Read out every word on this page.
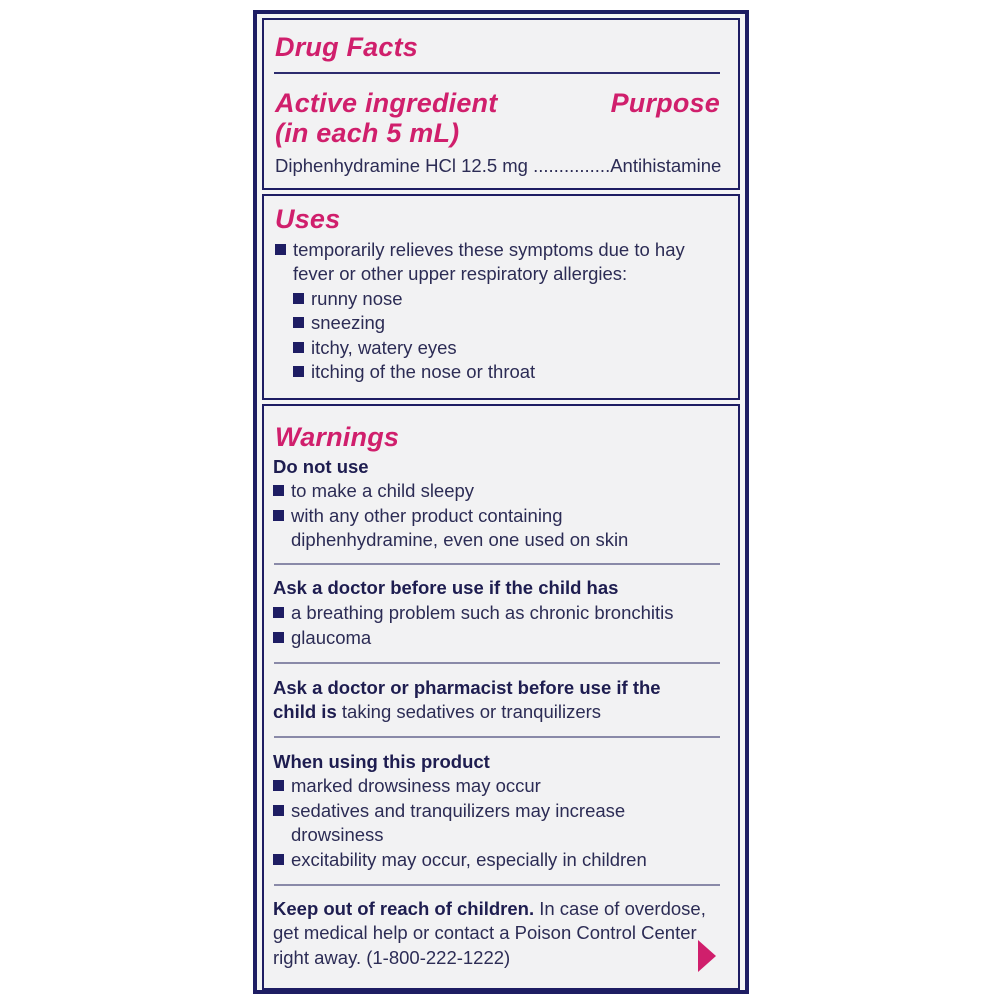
Drug Facts
Active ingredient	Purpose
(in each 5 mL)
Diphenhydramine HCl 12.5 mg ...............Antihistamine
Uses
temporarily relieves these symptoms due to hay
fever or other upper respiratory allergies:
runny nose
sneezing
itchy, watery eyes
itching of the nose or throat
Warnings
Do not use
to make a child sleepy
with any other product containing
diphenhydramine, even one used on skin
Ask a doctor before use if the child has
a breathing problem such as chronic bronchitis
glaucoma
Ask a doctor or pharmacist before use if the
child is taking sedatives or tranquilizers
When using this product
marked drowsiness may occur
sedatives and tranquilizers may increase
drowsiness
excitability may occur, especially in children
Keep out of reach of children. In case of overdose,
get medical help or contact a Poison Control Center
right away. (1-800-222-1222)
